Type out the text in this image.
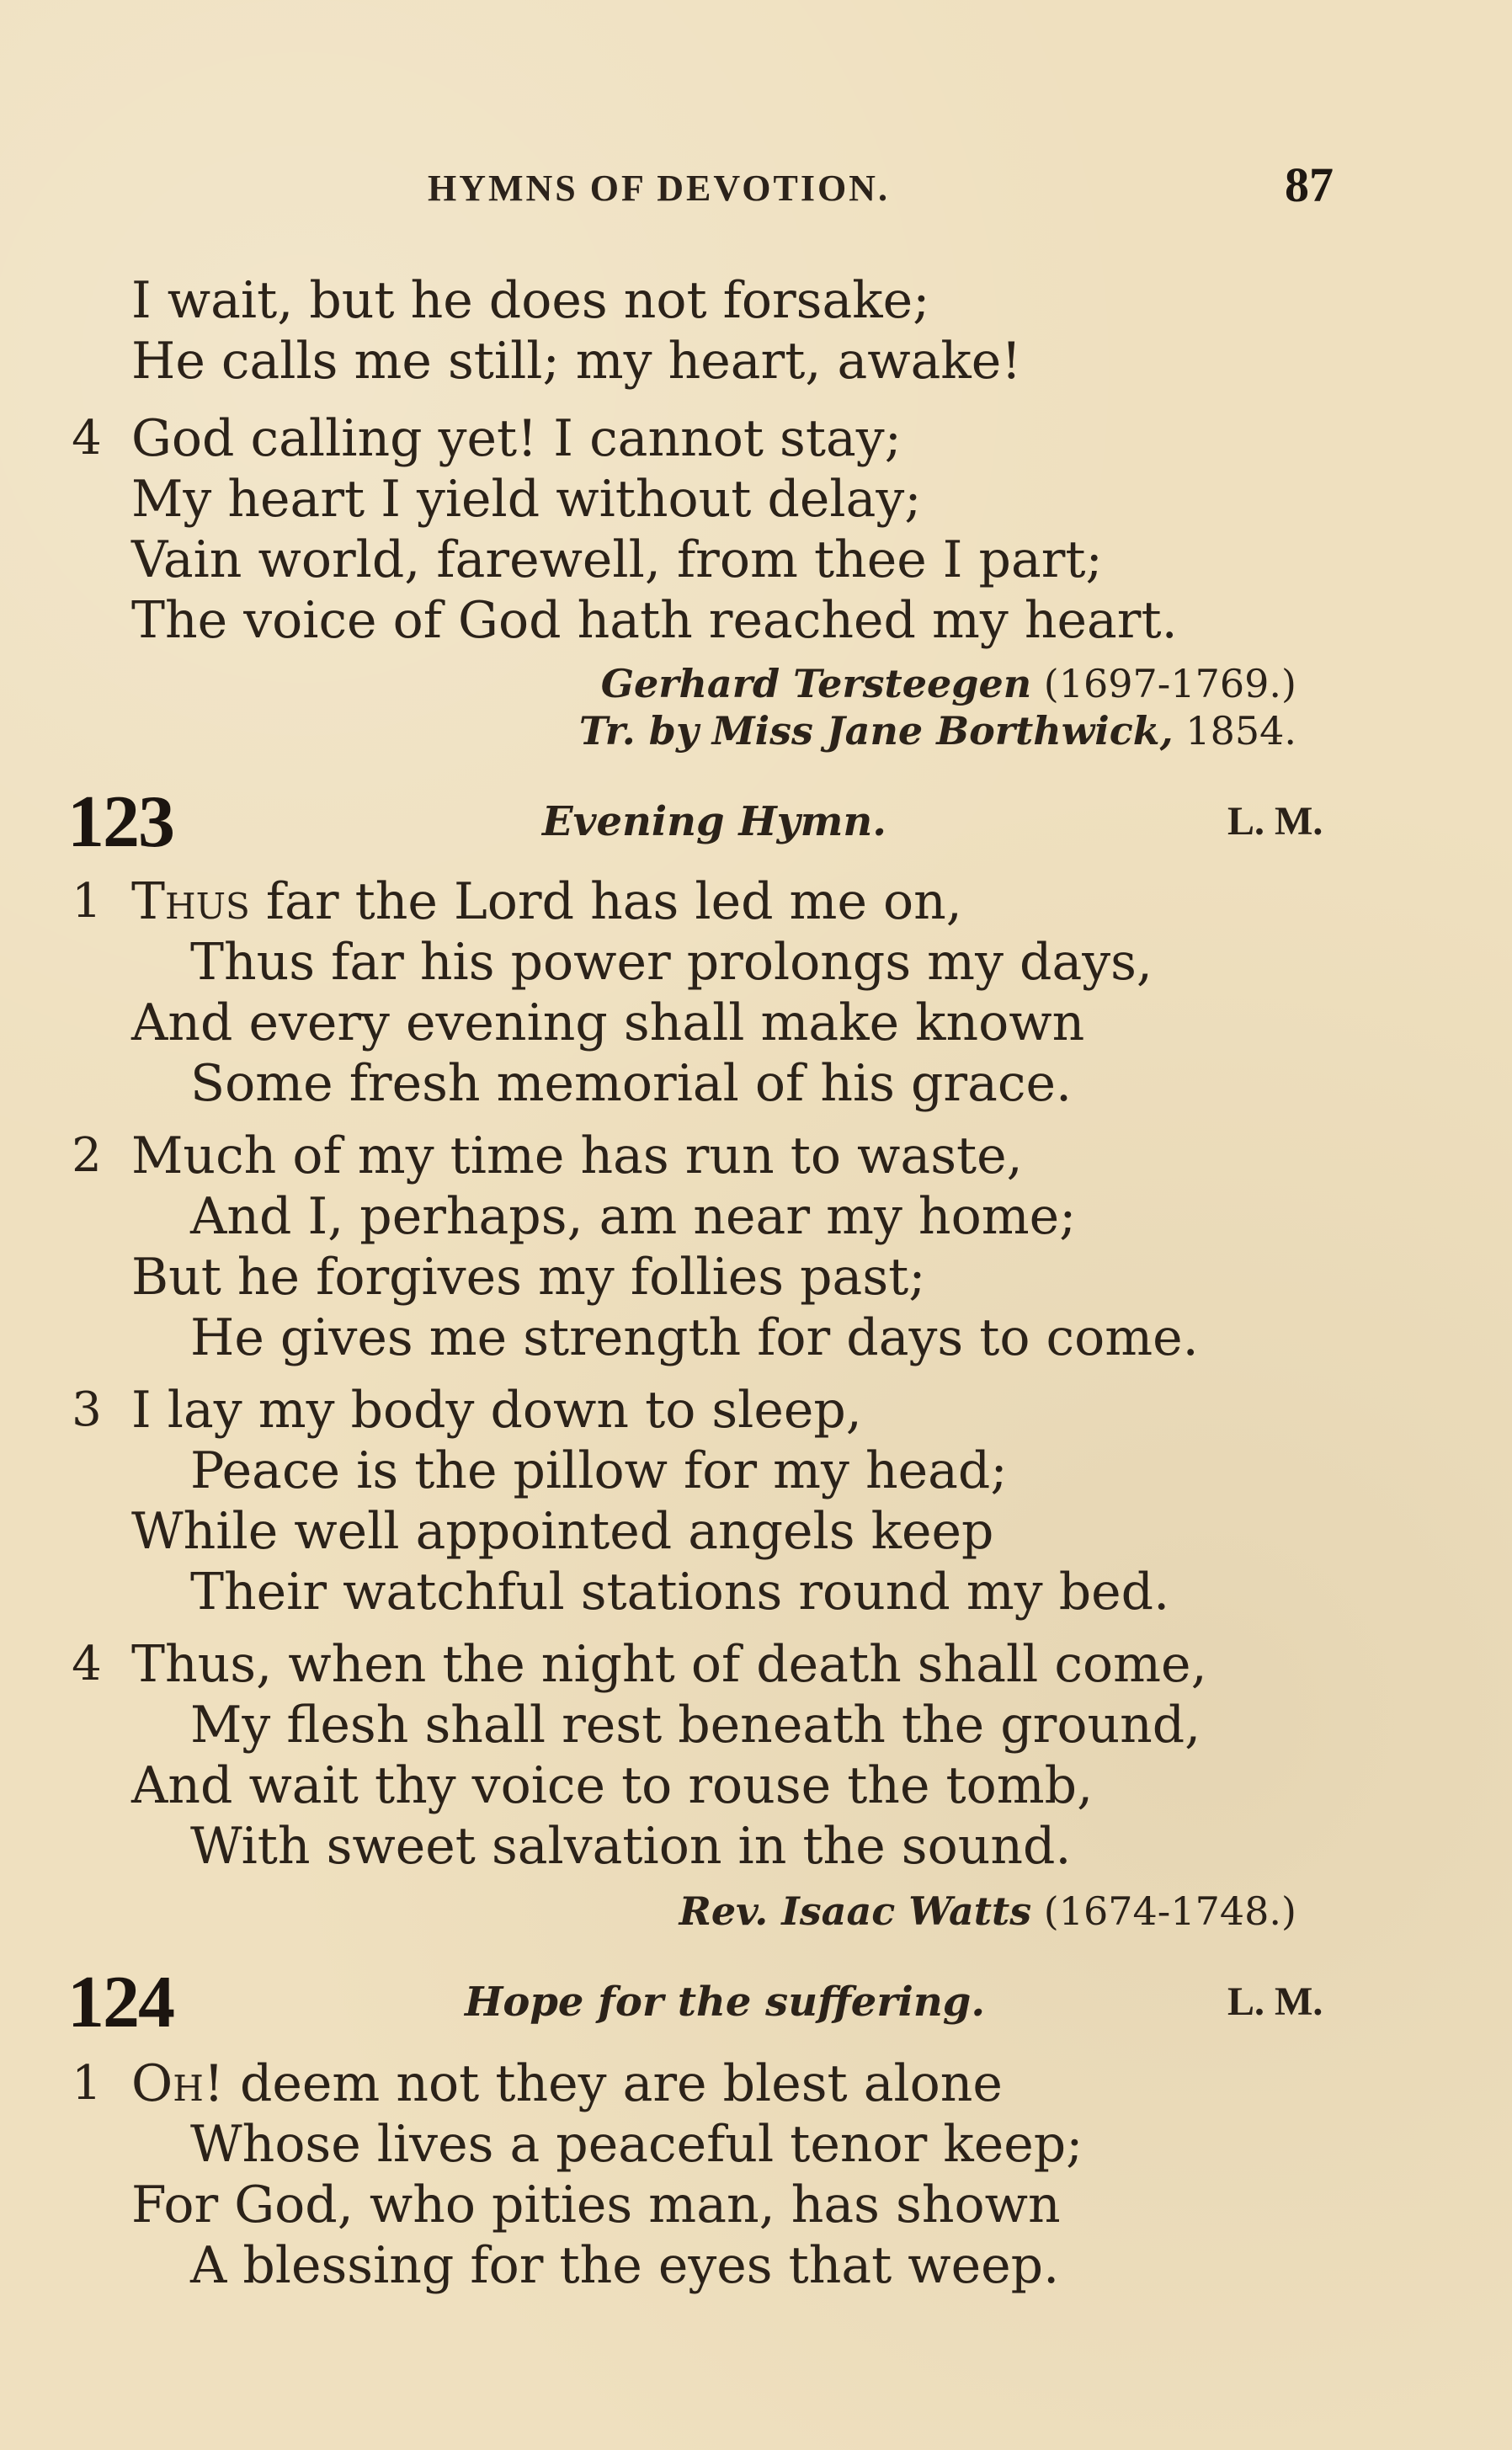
HYMNS OF DEVOTION.	87
I wait, but he does not forsake;
He calls me still; my heart, awake!
4 God calling yet! I cannot stay;
My heart I yield without delay;
Vain world, farewell, from thee I part;
The voice of God hath reached my heart.
Gerhard Tersteegen (1697-1769.)
Tr. by Miss Jane Borthwick, 1854.
123	Evening Hymn.	L. M.
1 Thus far the Lord has led me on,
Thus far his power prolongs my days,
And every evening shall make known
Some fresh memorial of his grace.
2 Much of my time has run to waste,
And I, perhaps, am near my home;
But he forgives my follies past;
He gives me strength for days to come.
3 I lay my body down to sleep,
Peace is the pillow for my head;
While well appointed angels keep
Their watchful stations round my bed.
4 Thus, when the night of death shall come,
My flesh shall rest beneath the ground,
And wait thy voice to rouse the tomb,
With sweet salvation in the sound.
Rev. Isaac Watts (1674-1748.)
124	Hope for the suffering.	L. M.
1 Oh! deem not they are blest alone
Whose lives a peaceful tenor keep;
For God, who pities man, has shown
A blessing for the eyes that weep.
